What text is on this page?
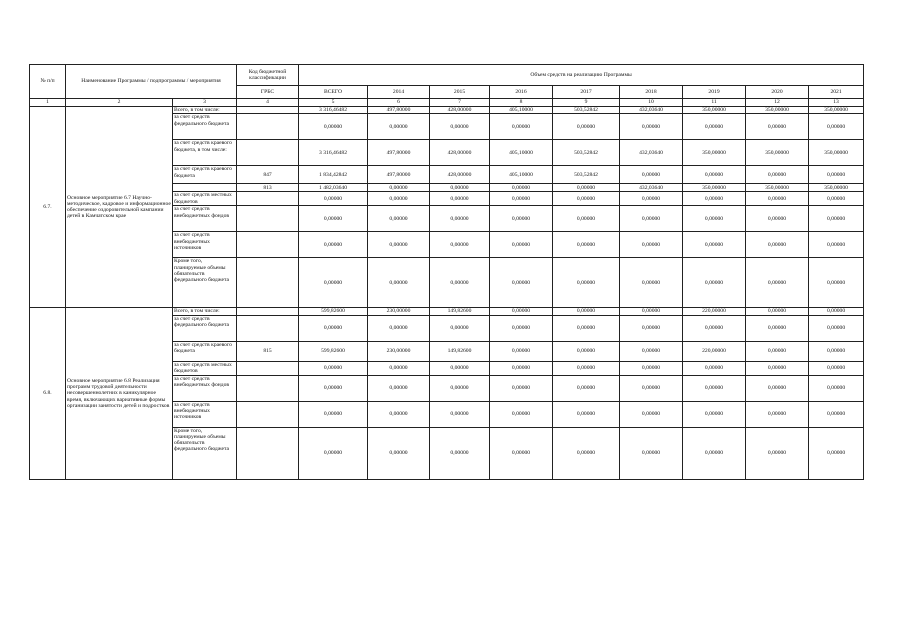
№ п/п	Наименование Программы / подпрограммы / мероприятия		Код бюджетной классификации	Объем средств на реализацию Программы								

			ГРБС	ВСЕГО	2014	2015	2016	2017	2018	2019	2020	2021
1	2	3	4	5	6	7	8	9	10	11	12	13
6.7.	Основное мероприятие 6.7 Научно-методическое, кадровое и информационное обеспечение оздоровительной кампании детей в Камчатском крае	Всего, в том числе:		3 316,46482	497,80000	428,00000	405,10000	503,52842	432,03640	350,00000	350,00000	350,00000
		за счет средств федерального бюджета		0,00000	0,00000	0,00000	0,00000	0,00000	0,00000	0,00000	0,00000	0,00000
		за счет средств краевого бюджета, в том числе:		3 316,46482	497,80000	428,00000	405,10000	503,52842	432,03640	350,00000	350,00000	350,00000
		за счет средств краевого бюджета	847	1 834,42842	497,80000	428,00000	405,10000	503,52842	0,00000	0,00000	0,00000	0,00000
			813	1 482,03640	0,00000	0,00000	0,00000	0,00000	432,03640	350,00000	350,00000	350,00000
		за счет средств местных бюджетов		0,00000	0,00000	0,00000	0,00000	0,00000	0,00000	0,00000	0,00000	0,00000
		за счет средств внебюджетных фондов		0,00000	0,00000	0,00000	0,00000	0,00000	0,00000	0,00000	0,00000	0,00000
		за счет средств внебюджетных источников		0,00000	0,00000	0,00000	0,00000	0,00000	0,00000	0,00000	0,00000	0,00000
		Кроме того, планируемые объемы обязательств федерального бюджета		0,00000	0,00000	0,00000	0,00000	0,00000	0,00000	0,00000	0,00000	0,00000
6.8.	Основное мероприятие 6.8 Реализация программ трудовой деятельности несовершеннолетних в каникулярное время, включающих вариативные формы организации занятости детей и подростков	Всего, в том числе:		599,82600	230,00000	149,82600	0,00000	0,00000	0,00000	220,00000	0,00000	0,00000
		за счет средств федерального бюджета		0,00000	0,00000	0,00000	0,00000	0,00000	0,00000	0,00000	0,00000	0,00000
		за счет средств краевого бюджета	815	599,82600	230,00000	149,82600	0,00000	0,00000	0,00000	220,00000	0,00000	0,00000
		за счет средств местных бюджетов		0,00000	0,00000	0,00000	0,00000	0,00000	0,00000	0,00000	0,00000	0,00000
		за счет средств внебюджетных фондов		0,00000	0,00000	0,00000	0,00000	0,00000	0,00000	0,00000	0,00000	0,00000
		за счет средств внебюджетных источников		0,00000	0,00000	0,00000	0,00000	0,00000	0,00000	0,00000	0,00000	0,00000
		Кроме того, планируемые объемы обязательств федерального бюджета		0,00000	0,00000	0,00000	0,00000	0,00000	0,00000	0,00000	0,00000	0,00000
